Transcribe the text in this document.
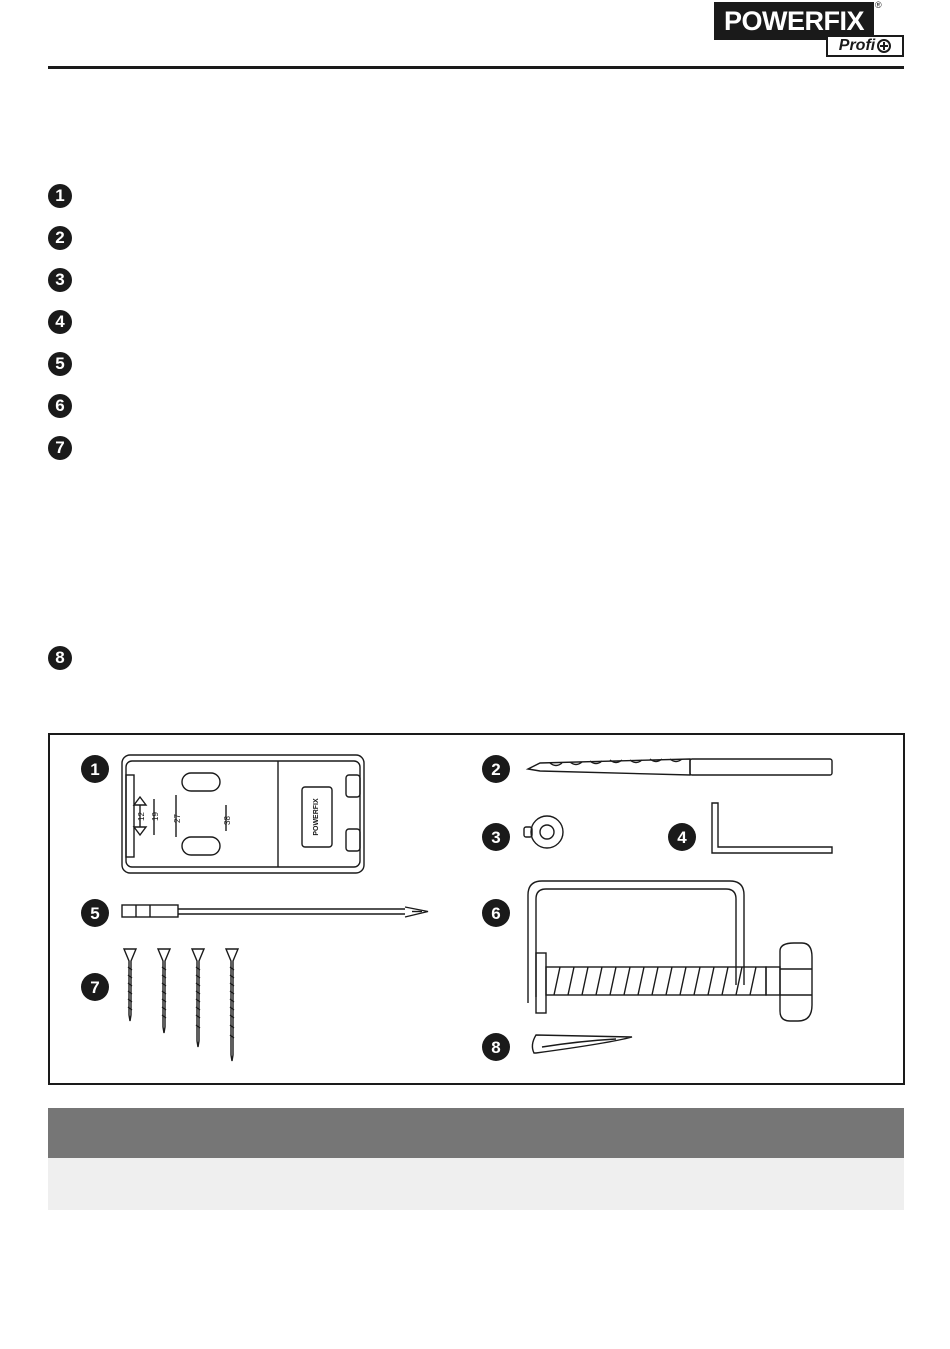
POWERFIX
®
Profi
1
2
3
4
5
6
7
8
POWERFIX
12 19 27	38
1	2
3	4
5	6
7
8
